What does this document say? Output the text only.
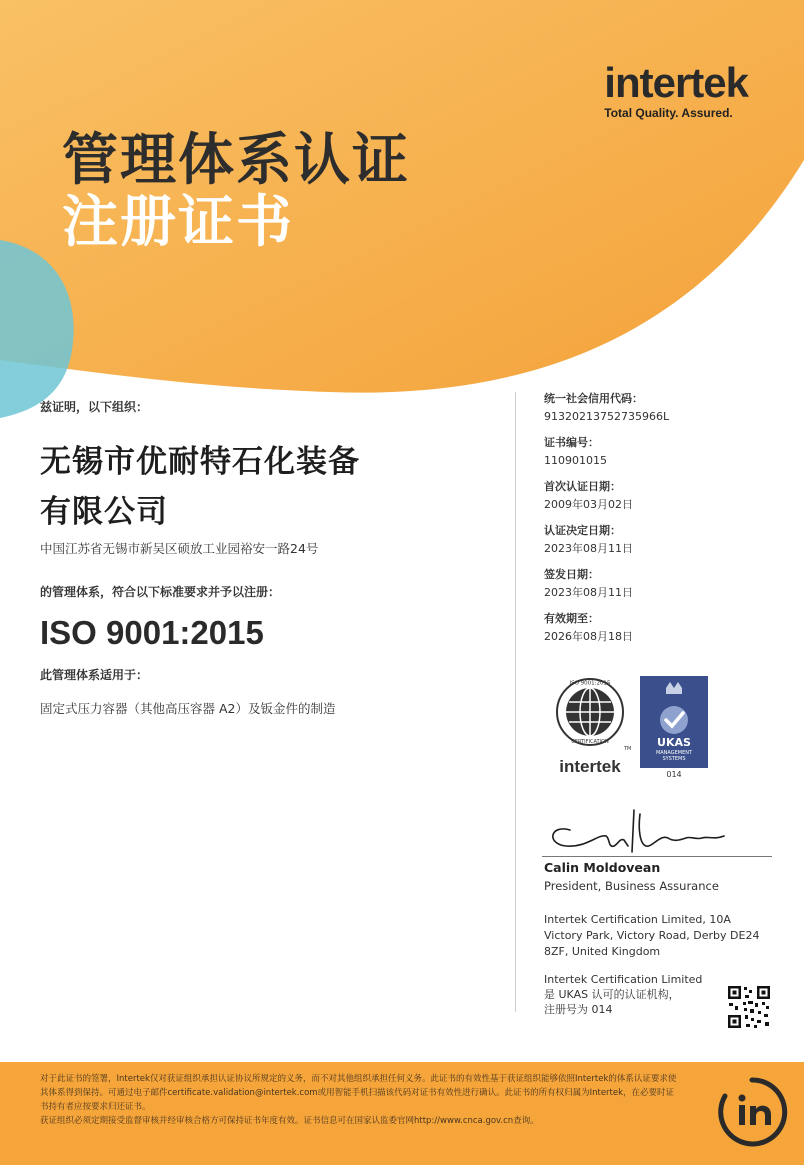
intertek
Total Quality. Assured.
管理体系认证
注册证书
兹证明，以下组织：
无锡市优耐特石化装备
有限公司
中国江苏省无锡市新吴区硕放工业园裕安一路24号
的管理体系，符合以下标准要求并予以注册：
ISO 9001:2015
此管理体系适用于：
固定式压力容器（其他高压容器 A2）及钣金件的制造
统一社会信用代码：
91320213752735966L
证书编号：
110901015
首次认证日期：
2009年03月02日
认证决定日期：
2023年08月11日
签发日期：
2023年08月11日
有效期至：
2026年08月18日
ISO 9001:2015
CERTIFICATION
TM
intertek
UKAS
MANAGEMENT
SYSTEMS
014
Calin Moldovean
President, Business Assurance
Intertek Certification Limited, 10A Victory Park, Victory Road, Derby DE24 8ZF, United Kingdom
Intertek Certification Limited
是 UKAS 认可的认证机构，
注册号为 014
对于此证书的签署，Intertek仅对获证组织承担认证协议所规定的义务，而不对其他组织承担任何义务。此证书的有效性基于获证组织能够依照Intertek的体系认证要求使其体系得到保持。可通过电子邮件certificate.validation@intertek.com或用智能手机扫描该代码对证书有效性进行确认。此证书的所有权归属为Intertek，在必要时证书持有者应按要求归还证书。
获证组织必须定期接受监督审核并经审核合格方可保持证书年度有效。证书信息可在国家认监委官网http://www.cnca.gov.cn查询。
